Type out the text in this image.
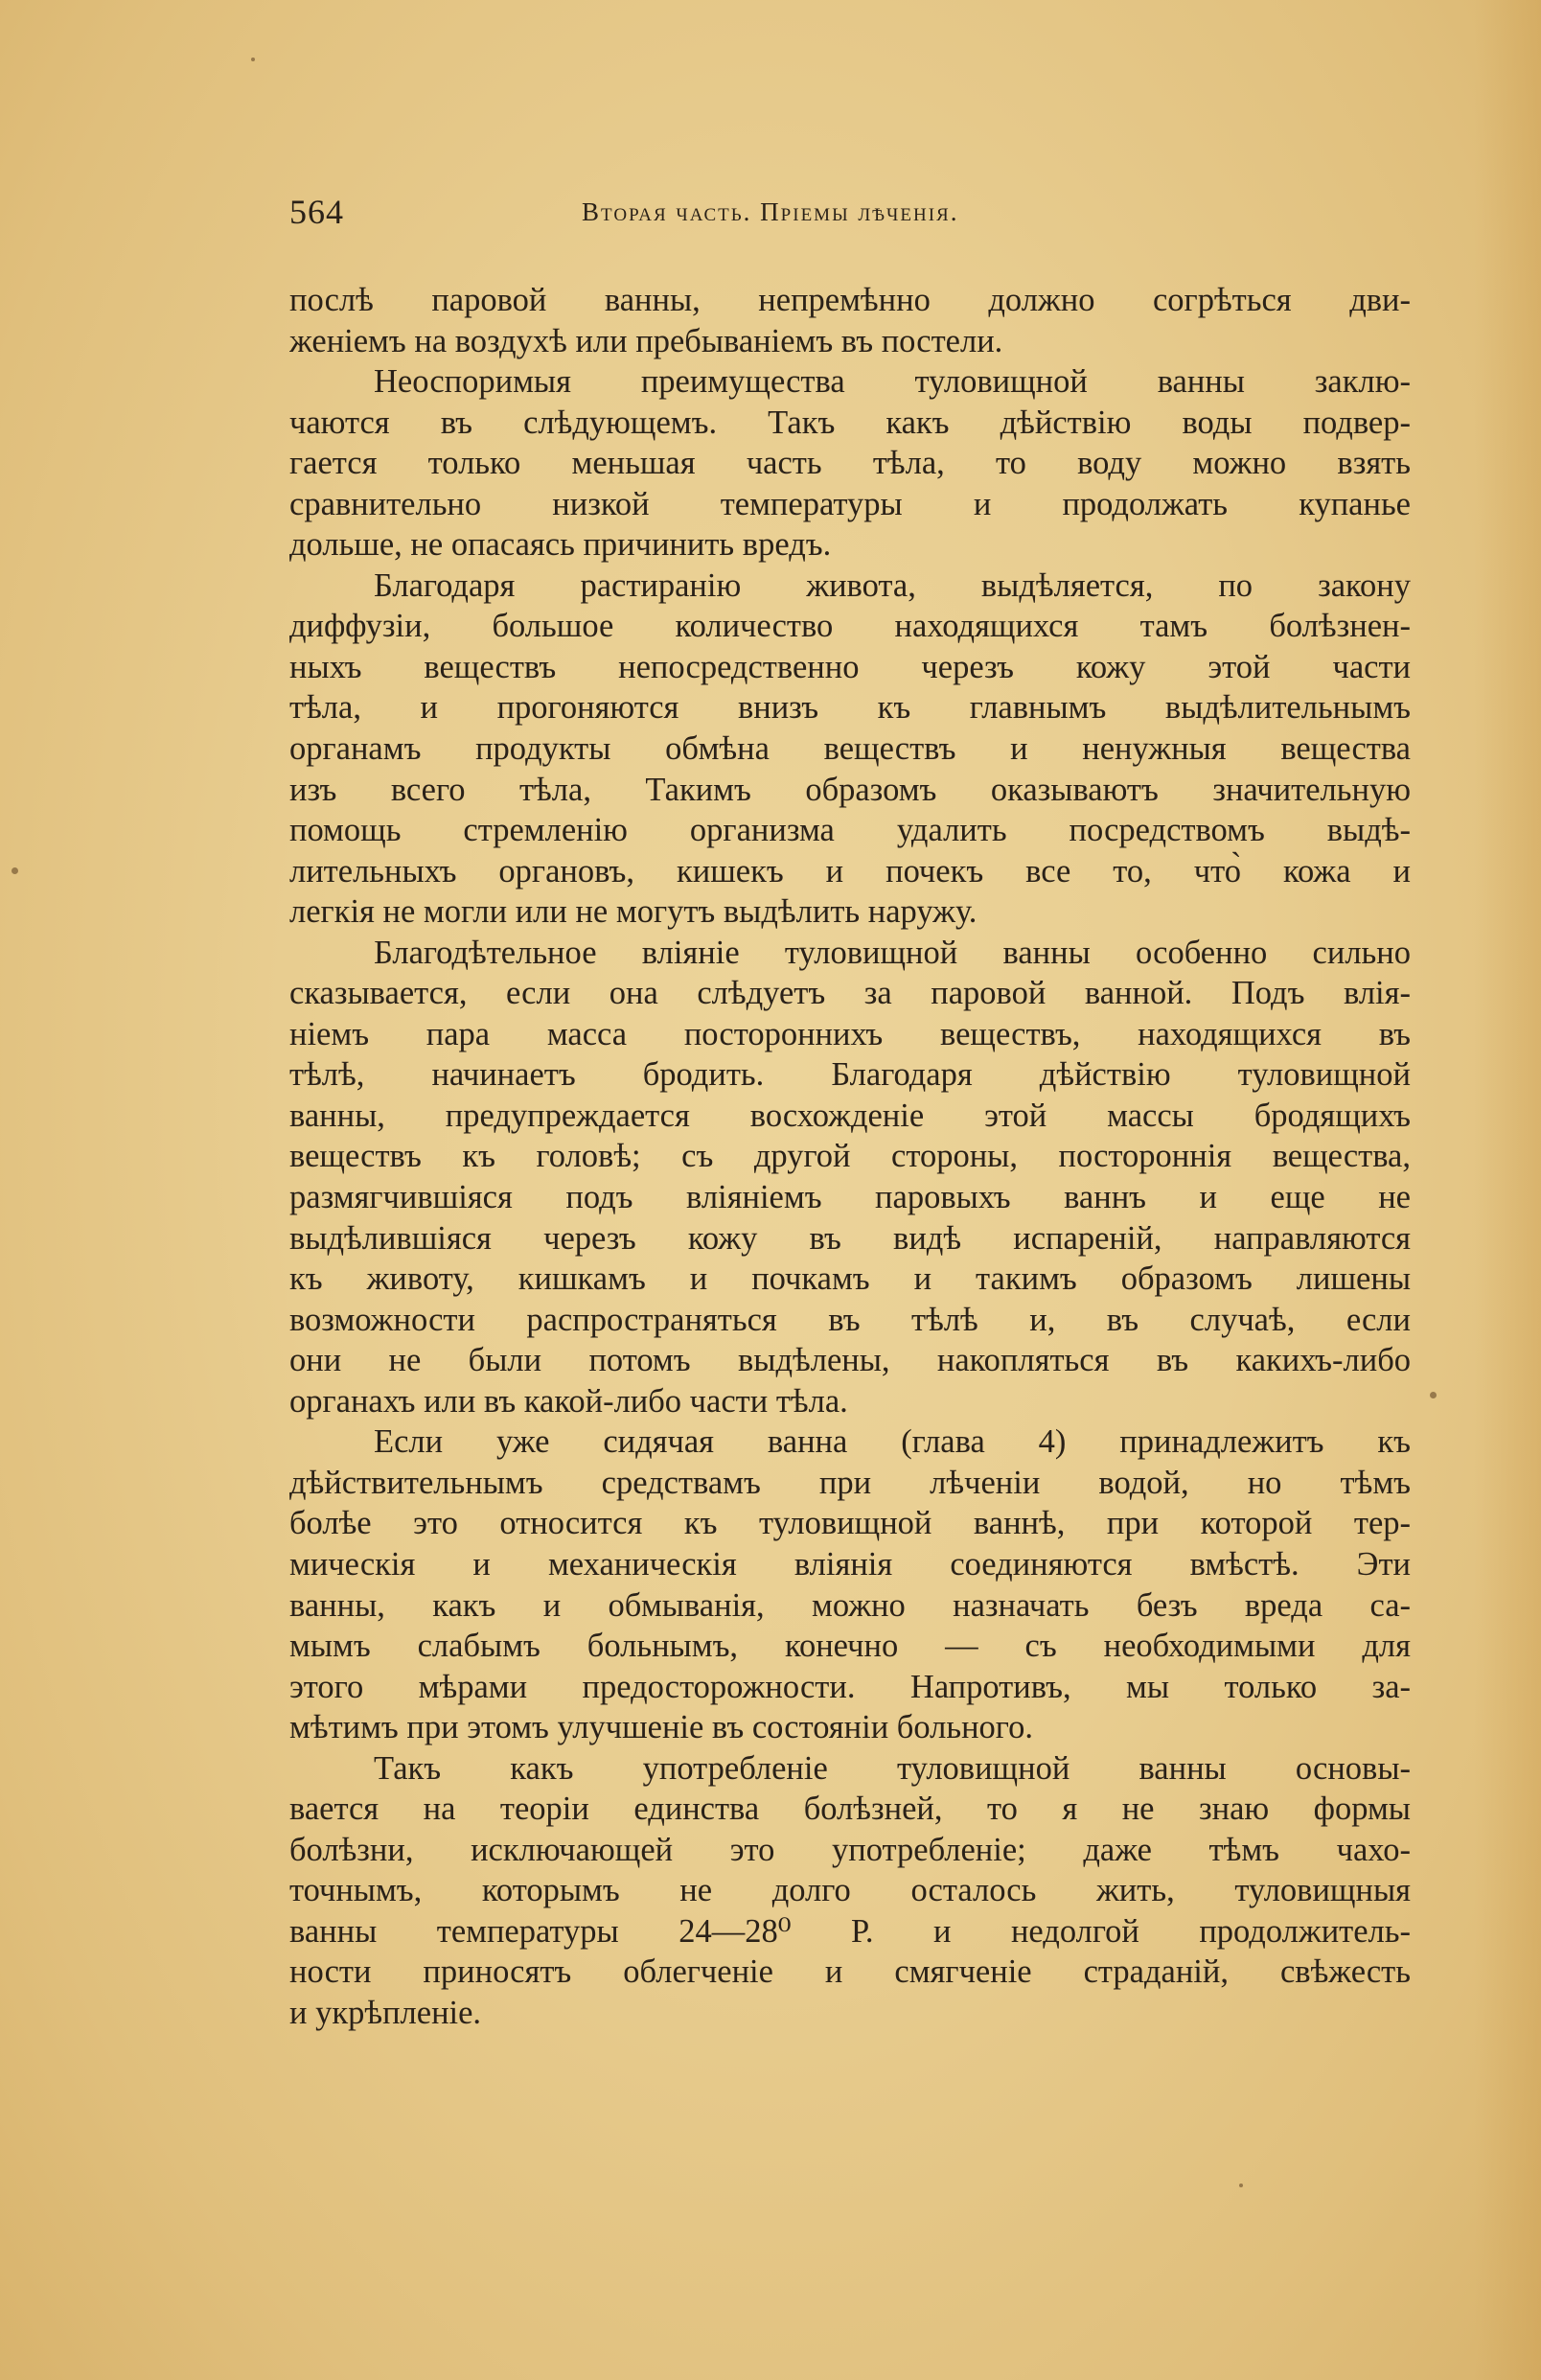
564	Вторая часть. Пріемы лѣченія.
послѣ паровой ванны, непремѣнно должно согрѣться дви-
женіемъ на воздухѣ или пребываніемъ въ постели.
Неоспоримыя преимущества туловищной ванны заклю-
чаются въ слѣдующемъ. Такъ какъ дѣйствію воды подвер-
гается только меньшая часть тѣла, то воду можно взять
сравнительно низкой температуры и продолжать купанье
дольше, не опасаясь причинить вредъ.
Благодаря растиранію живота, выдѣляется, по закону
диффузіи, большое количество находящихся тамъ болѣзнен-
ныхъ веществъ непосредственно черезъ кожу этой части
тѣла, и прогоняются внизъ къ главнымъ выдѣлительнымъ
органамъ продукты обмѣна веществъ и ненужныя вещества
изъ всего тѣла, Такимъ образомъ оказываютъ значительную
помощь стремленію организма удалить посредствомъ выдѣ-
лительныхъ органовъ, кишекъ и почекъ все то, что̀ кожа и
легкія не могли или не могутъ выдѣлить наружу.
Благодѣтельное вліяніе туловищной ванны особенно сильно
сказывается, если она слѣдуетъ за паровой ванной. Подъ влія-
ніемъ пара масса постороннихъ веществъ, находящихся въ
тѣлѣ, начинаетъ бродить. Благодаря дѣйствію туловищной
ванны, предупреждается восхожденіе этой массы бродящихъ
веществъ къ головѣ; съ другой стороны, постороннія вещества,
размягчившіяся подъ вліяніемъ паровыхъ ваннъ и еще не
выдѣлившіяся черезъ кожу въ видѣ испареній, направляются
къ животу, кишкамъ и почкамъ и такимъ образомъ лишены
возможности распространяться въ тѣлѣ и, въ случаѣ, если
они не были потомъ выдѣлены, накопляться въ какихъ-либо
органахъ или въ какой-либо части тѣла.
Если уже сидячая ванна (глава 4) принадлежитъ къ
дѣйствительнымъ средствамъ при лѣченіи водой, но тѣмъ
болѣе это относится къ туловищной ваннѣ, при которой тер-
мическія и механическія вліянія соединяются вмѣстѣ. Эти
ванны, какъ и обмыванія, можно назначать безъ вреда са-
мымъ слабымъ больнымъ, конечно — съ необходимыми для
этого мѣрами предосторожности. Напротивъ, мы только за-
мѣтимъ при этомъ улучшеніе въ состояніи больного.
Такъ какъ употребленіе туловищной ванны основы-
вается на теоріи единства болѣзней, то я не знаю формы
болѣзни, исключающей это употребленіе; даже тѣмъ чахо-
точнымъ, которымъ не долго осталось жить, туловищныя
ванны температуры 24—28⁰ Р. и недолгой продолжитель-
ности приносятъ облегченіе и смягченіе страданій, свѣжесть
и укрѣпленіе.
